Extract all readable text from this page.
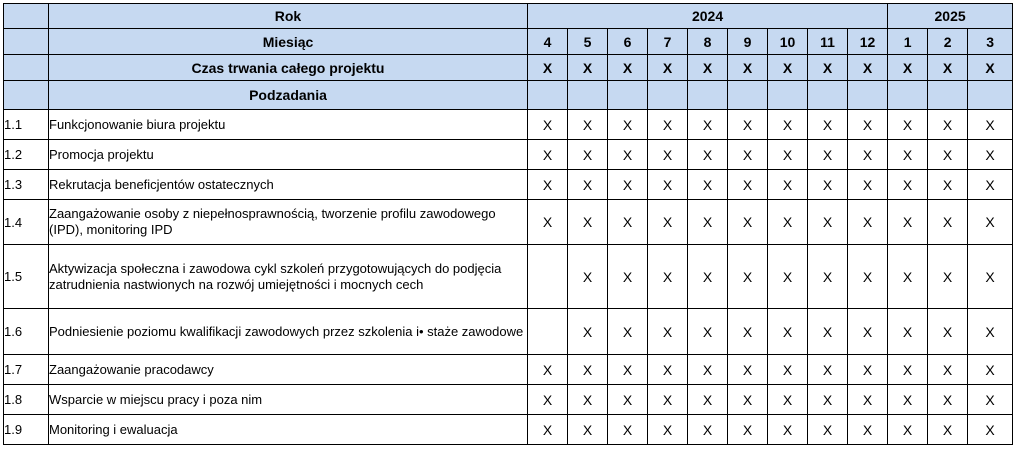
	Rok	2024									2025		
	Miesiąc	4	5	6	7	8	9	10	11	12	1	2	3
	Czas trwania całego projektu	X	X	X	X	X	X	X	X	X	X	X	X
	Podzadania												
1.1	Funkcjonowanie biura projektu	X	X	X	X	X	X	X	X	X	X	X	X
1.2	Promocja projektu	X	X	X	X	X	X	X	X	X	X	X	X
1.3	Rekrutacja beneficjentów ostatecznych	X	X	X	X	X	X	X	X	X	X	X	X
1.4	Zaangażowanie osoby z niepełnosprawnością, tworzenie profilu zawodowego (IPD), monitoring IPD	X	X	X	X	X	X	X	X	X	X	X	X
1.5	Aktywizacja społeczna i zawodowa cykl szkoleń przygotowujących do podjęcia zatrudnienia nastwionych na rozwój umiejętności i mocnych cech		X	X	X	X	X	X	X	X	X	X	X
1.6	Podniesienie poziomu kwalifikacji zawodowych przez szkolenia i• staże zawodowe		X	X	X	X	X	X	X	X	X	X	X
1.7	Zaangażowanie pracodawcy	X	X	X	X	X	X	X	X	X	X	X	X
1.8	Wsparcie w miejscu pracy i poza nim	X	X	X	X	X	X	X	X	X	X	X	X
1.9	Monitoring i ewaluacja	X	X	X	X	X	X	X	X	X	X	X	X
